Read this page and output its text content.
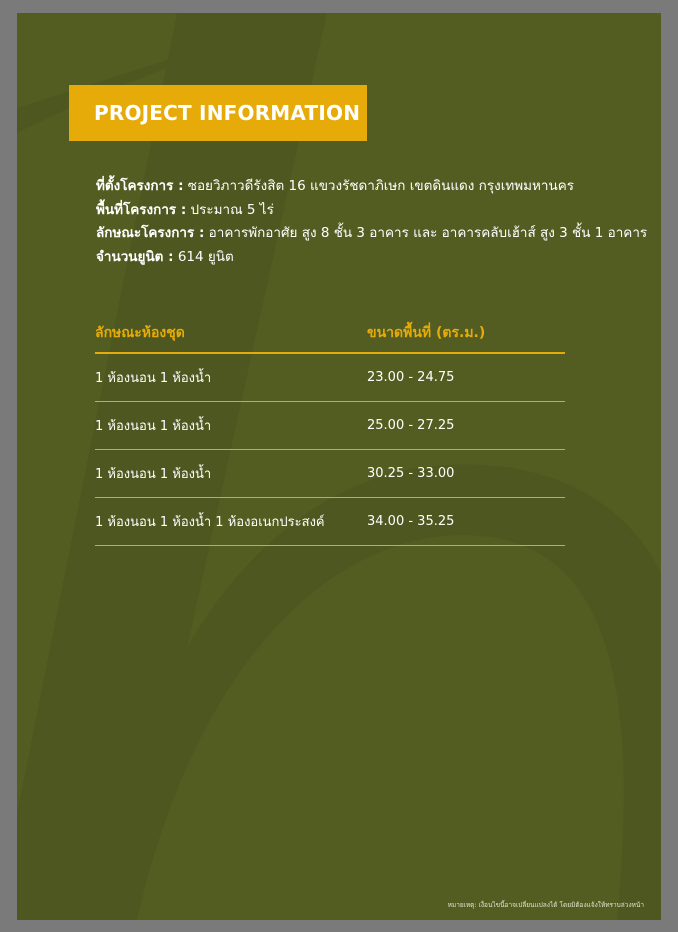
PROJECT INFORMATION
ที่ตั้งโครงการ : ซอยวิภาวดีรังสิต 16 แขวงรัชดาภิเษก เขตดินแดง กรุงเทพมหานคร
พื้นที่โครงการ : ประมาณ 5 ไร่
ลักษณะโครงการ : อาคารพักอาศัย สูง 8 ชั้น 3 อาคาร และ อาคารคลับเฮ้าส์ สูง 3 ชั้น 1 อาคาร
จำนวนยูนิต : 614 ยูนิต
ลักษณะห้องชุด	ขนาดพื้นที่ (ตร.ม.)
1 ห้องนอน 1 ห้องน้ำ	23.00 - 24.75
1 ห้องนอน 1 ห้องน้ำ	25.00 - 27.25
1 ห้องนอน 1 ห้องน้ำ	30.25 - 33.00
1 ห้องนอน 1 ห้องน้ำ 1 ห้องอเนกประสงค์	34.00 - 35.25
หมายเหตุ: เงื่อนไขนี้อาจเปลี่ยนแปลงได้ โดยมิต้องแจ้งให้ทราบล่วงหน้า
